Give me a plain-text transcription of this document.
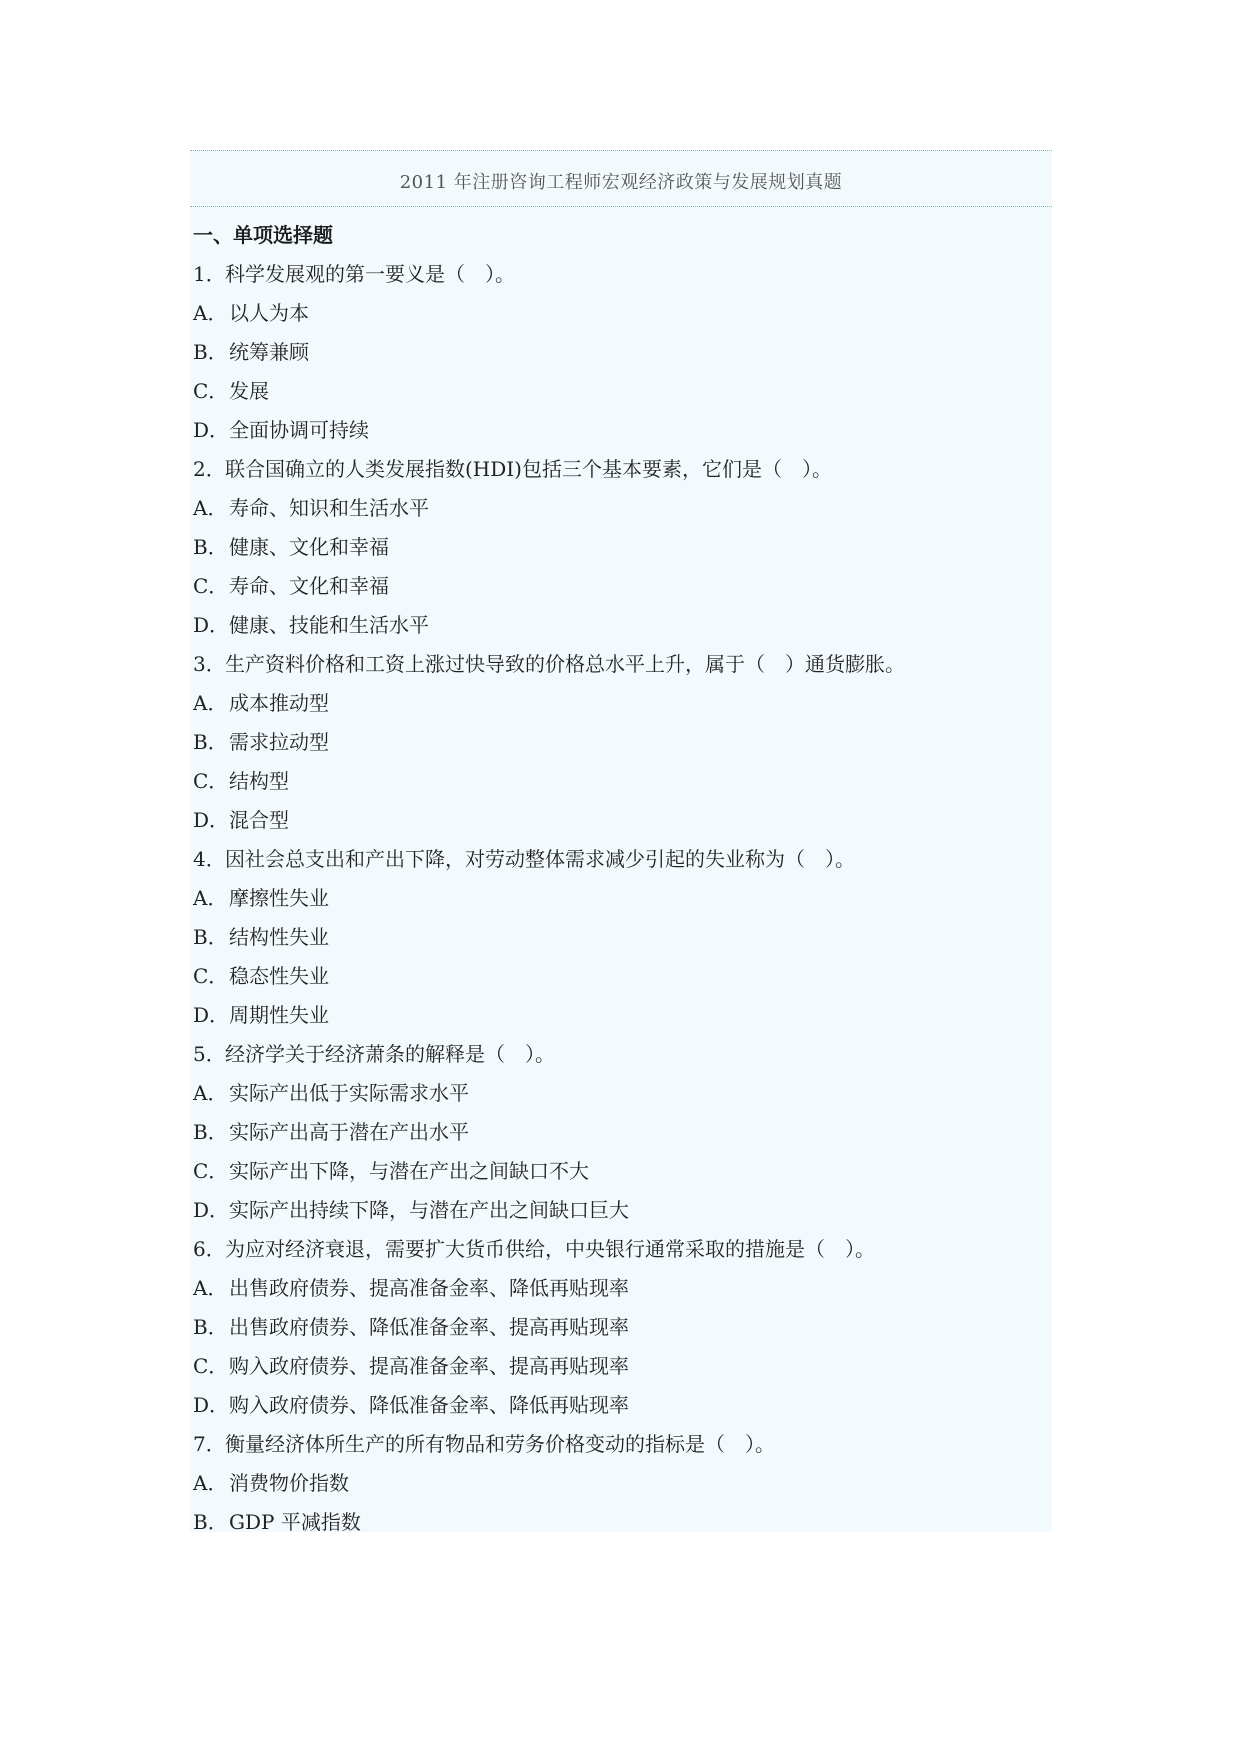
2011 年注册咨询工程师宏观经济政策与发展规划真题
一、单项选择题
1．科学发展观的第一要义是（　）。
A．以人为本
B．统筹兼顾
C．发展
D．全面协调可持续
2．联合国确立的人类发展指数(HDI)包括三个基本要素，它们是（　）。
A．寿命、知识和生活水平
B．健康、文化和幸福
C．寿命、文化和幸福
D．健康、技能和生活水平
3．生产资料价格和工资上涨过快导致的价格总水平上升，属于（　）通货膨胀。
A．成本推动型
B．需求拉动型
C．结构型
D．混合型
4．因社会总支出和产出下降，对劳动整体需求减少引起的失业称为（　）。
A．摩擦性失业
B．结构性失业
C．稳态性失业
D．周期性失业
5．经济学关于经济萧条的解释是（　）。
A．实际产出低于实际需求水平
B．实际产出高于潜在产出水平
C．实际产出下降，与潜在产出之间缺口不大
D．实际产出持续下降，与潜在产出之间缺口巨大
6．为应对经济衰退，需要扩大货币供给，中央银行通常采取的措施是（　）。
A．出售政府债券、提高准备金率、降低再贴现率
B．出售政府债券、降低准备金率、提高再贴现率
C．购入政府债券、提高准备金率、提高再贴现率
D．购入政府债券、降低准备金率、降低再贴现率
7．衡量经济体所生产的所有物品和劳务价格变动的指标是（　）。
A．消费物价指数
B．GDP 平减指数
